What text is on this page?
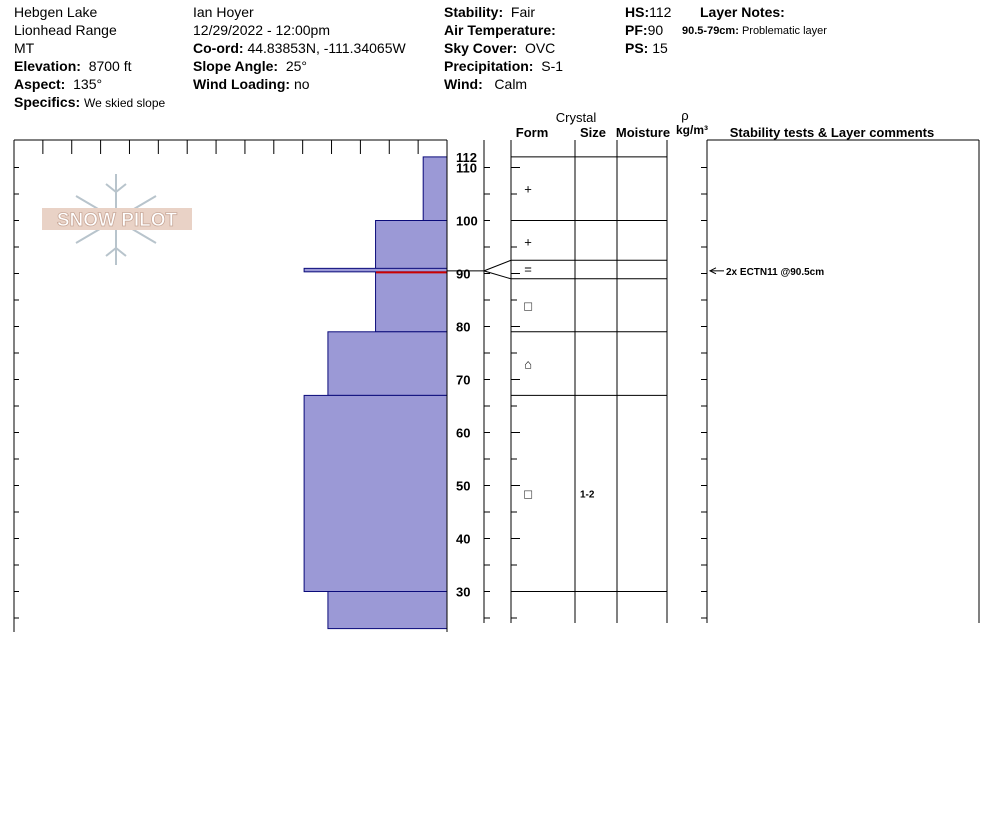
Hebgen Lake
Lionhead Range
MT
Elevation: 8700 ft
Aspect: 135°
Specifics: We skied slope
Ian Hoyer
12/29/2022 - 12:00pm
Co-ord: 44.83853N, -111.34065W
Slope Angle: 25°
Wind Loading: no
Stability: Fair
Air Temperature:
Sky Cover: OVC
Precipitation: S-1
Wind: Calm
HS:112
PF:90
PS: 15
Layer Notes:
90.5-79cm: Problematic layer
SNOW PILOT
Crystal
Form Size Moisture
ρ
kg/m³ Stability tests & Layer comments
30
40
50
60
70
80
90
100
110
112
+
+
□
⌂
□	1-2
=	2x ECTN11 @90.5cm
